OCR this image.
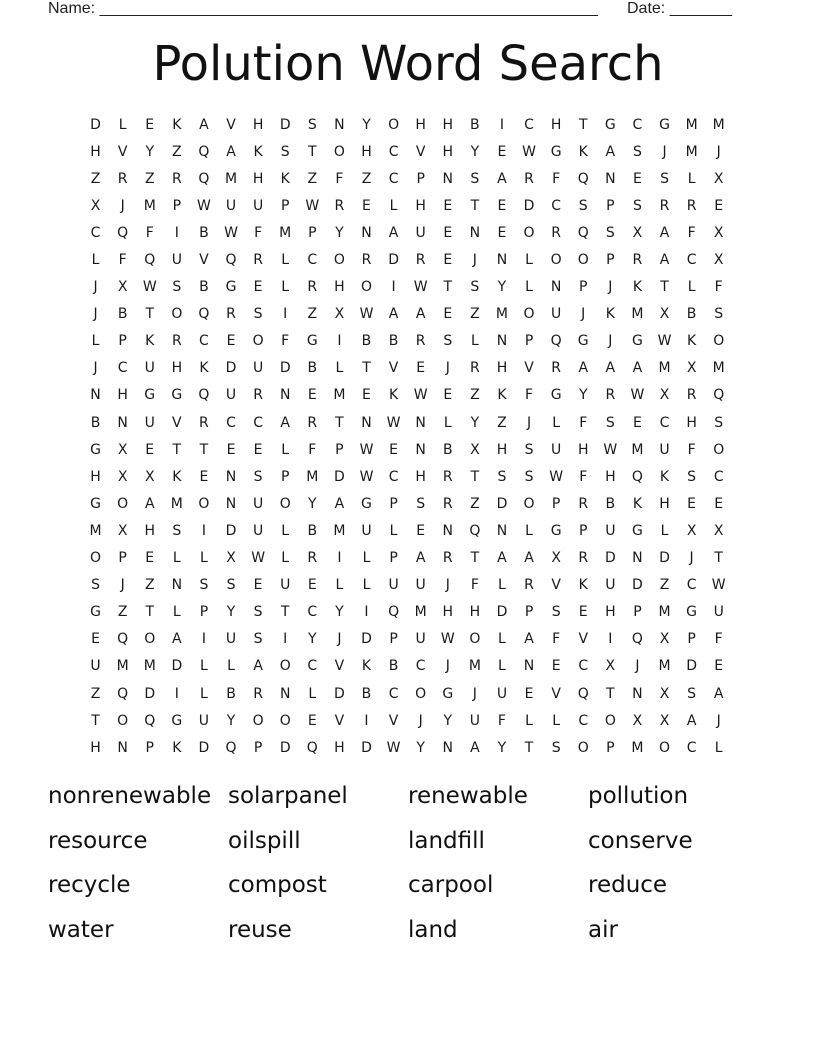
Name: ________________________________________________________ Date: _______
Polution Word Search
D	L	E	K	A	V	H	D	S	N	Y	O	H	H	B	I	C	H	T	G	C	G	M	M
H	V	Y	Z	Q	A	K	S	T	O	H	C	V	H	Y	E	W	G	K	A	S	J	M	J
Z	R	Z	R	Q	M	H	K	Z	F	Z	C	P	N	S	A	R	F	Q	N	E	S	L	X
X	J	M	P	W	U	U	P	W	R	E	L	H	E	T	E	D	C	S	P	S	R	R	E
C	Q	F	I	B	W	F	M	P	Y	N	A	U	E	N	E	O	R	Q	S	X	A	F	X
L	F	Q	U	V	Q	R	L	C	O	R	D	R	E	J	N	L	O	O	P	R	A	C	X
J	X	W	S	B	G	E	L	R	H	O	I	W	T	S	Y	L	N	P	J	K	T	L	F
J	B	T	O	Q	R	S	I	Z	X	W	A	A	E	Z	M	O	U	J	K	M	X	B	S
L	P	K	R	C	E	O	F	G	I	B	B	R	S	L	N	P	Q	G	J	G	W	K	O
J	C	U	H	K	D	U	D	B	L	T	V	E	J	R	H	V	R	A	A	A	M	X	M
N	H	G	G	Q	U	R	N	E	M	E	K	W	E	Z	K	F	G	Y	R	W	X	R	Q
B	N	U	V	R	C	C	A	R	T	N	W	N	L	Y	Z	J	L	F	S	E	C	H	S
G	X	E	T	T	E	E	L	F	P	W	E	N	B	X	H	S	U	H	W	M	U	F	O
H	X	X	K	E	N	S	P	M	D	W	C	H	R	T	S	S	W	F	H	Q	K	S	C
G	O	A	M	O	N	U	O	Y	A	G	P	S	R	Z	D	O	P	R	B	K	H	E	E
M	X	H	S	I	D	U	L	B	M	U	L	E	N	Q	N	L	G	P	U	G	L	X	X
O	P	E	L	L	X	W	L	R	I	L	P	A	R	T	A	A	X	R	D	N	D	J	T
S	J	Z	N	S	S	E	U	E	L	L	U	U	J	F	L	R	V	K	U	D	Z	C	W
G	Z	T	L	P	Y	S	T	C	Y	I	Q	M	H	H	D	P	S	E	H	P	M	G	U
E	Q	O	A	I	U	S	I	Y	J	D	P	U	W	O	L	A	F	V	I	Q	X	P	F
U	M	M	D	L	L	A	O	C	V	K	B	C	J	M	L	N	E	C	X	J	M	D	E
Z	Q	D	I	L	B	R	N	L	D	B	C	O	G	J	U	E	V	Q	T	N	X	S	A
T	O	Q	G	U	Y	O	O	E	V	I	V	J	Y	U	F	L	L	C	O	X	X	A	J
H	N	P	K	D	Q	P	D	Q	H	D	W	Y	N	A	Y	T	S	O	P	M	O	C	L
nonrenewable solarpanel	renewable	pollution
resource	oilspill	landfill	conserve
recycle	compost	carpool	reduce
water	reuse	land	air
